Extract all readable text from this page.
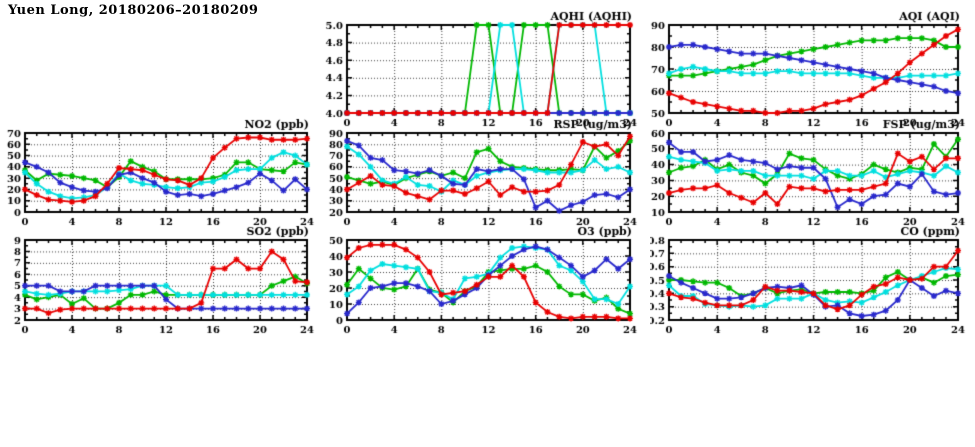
Yuen Long, 20180206–20180209
